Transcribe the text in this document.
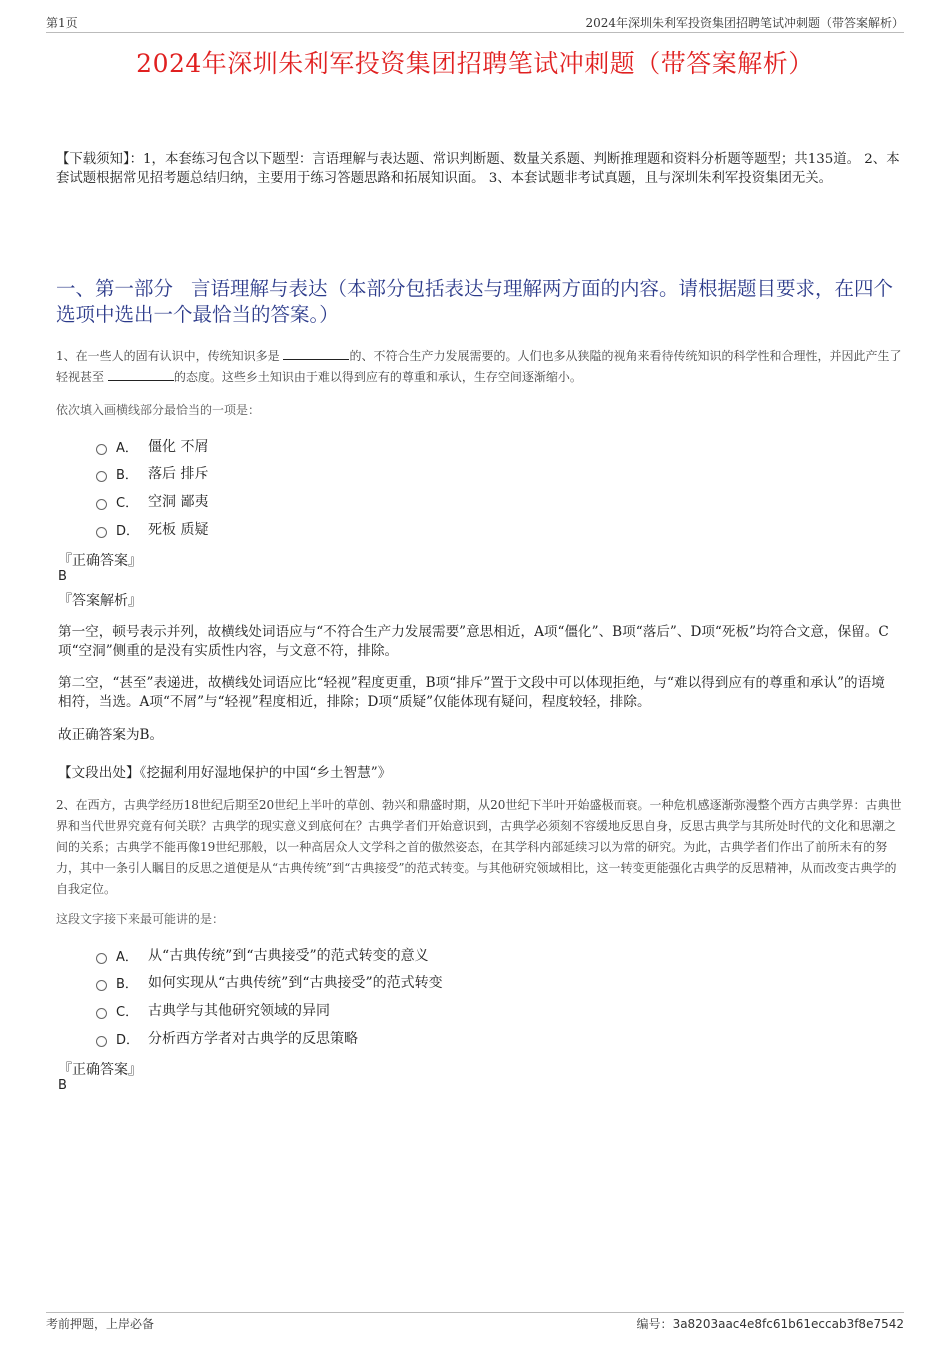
第1页	2024年深圳朱利军投资集团招聘笔试冲刺题（带答案解析）
2024年深圳朱利军投资集团招聘笔试冲刺题（带答案解析）
【下载须知】：1，本套练习包含以下题型：言语理解与表达题、常识判断题、数量关系题、判断推理题和资料分析题等题型；共135道。 2、本套试题根据常见招考题总结归纳，主要用于练习答题思路和拓展知识面。 3、本套试题非考试真题，且与深圳朱利军投资集团无关。
一、第一部分 言语理解与表达（本部分包括表达与理解两方面的内容。请根据题目要求，在四个选项中选出一个最恰当的答案。）
1、在一些人的固有认识中，传统知识多是	的、不符合生产力发展需要的。人们也多从狭隘的视角来看待传统知识的科学性和合理性，并因此产生了轻视甚至	的态度。这些乡土知识由于难以得到应有的尊重和承认，生存空间逐渐缩小。
依次填入画横线部分最恰当的一项是：
A． 僵化 不屑
B． 落后 排斥
C． 空洞 鄙夷
D． 死板 质疑
『正确答案』
B
『答案解析』
第一空，顿号表示并列，故横线处词语应与“不符合生产力发展需要”意思相近，A项“僵化”、B项“落后”、D项“死板”均符合文意，保留。C项“空洞”侧重的是没有实质性内容，与文意不符，排除。
第二空，“甚至”表递进，故横线处词语应比“轻视”程度更重，B项“排斥”置于文段中可以体现拒绝，与“难以得到应有的尊重和承认”的语境相符，当选。A项“不屑”与“轻视”程度相近，排除；D项“质疑”仅能体现有疑问，程度较轻，排除。
故正确答案为B。
【文段出处】《挖掘利用好湿地保护的中国“乡土智慧”》
2、在西方，古典学经历18世纪后期至20世纪上半叶的草创、勃兴和鼎盛时期，从20世纪下半叶开始盛极而衰。一种危机感逐渐弥漫整个西方古典学界：古典世界和当代世界究竟有何关联？古典学的现实意义到底何在？古典学者们开始意识到，古典学必须刻不容缓地反思自身，反思古典学与其所处时代的文化和思潮之间的关系；古典学不能再像19世纪那般，以一种高居众人文学科之首的傲然姿态，在其学科内部延续习以为常的研究。为此，古典学者们作出了前所未有的努力，其中一条引人瞩目的反思之道便是从“古典传统”到“古典接受”的范式转变。与其他研究领域相比，这一转变更能强化古典学的反思精神，从而改变古典学的自我定位。
这段文字接下来最可能讲的是：
A． 从“古典传统”到“古典接受”的范式转变的意义
B． 如何实现从“古典传统”到“古典接受”的范式转变
C． 古典学与其他研究领域的异同
D． 分析西方学者对古典学的反思策略
『正确答案』
B
考前押题，上岸必备	编号：3a8203aac4e8fc61b61eccab3f8e7542
